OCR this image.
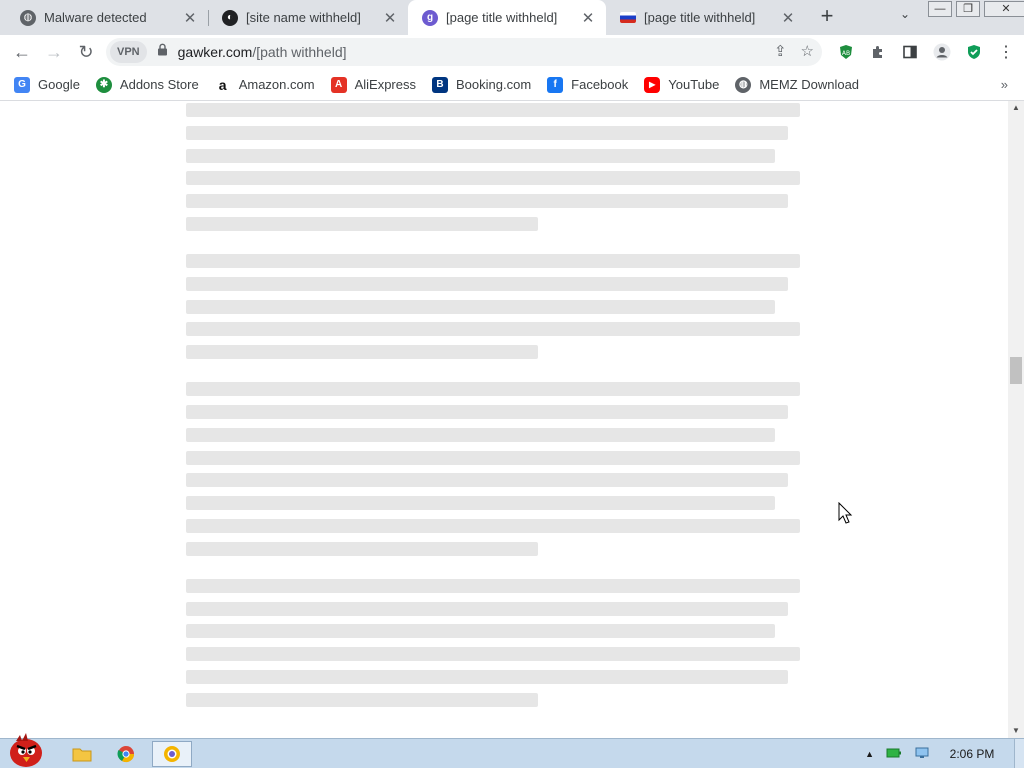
◍ Malware detected	✕	◐ [site name withheld]	✕	g [page title withheld]	✕	[page title withheld]	✕ +	⌄	—	❐	✕
← → ↻	VPN	gawker.com/[path withheld]	⇪ ☆	AB	⋮
G Google	✱ Addons Store a Amazon.com	A AliExpress	B Booking.com	f	Facebook	▶ YouTube	◍ MEMZ Download	»

▲
▼
▲	2:06 PM
